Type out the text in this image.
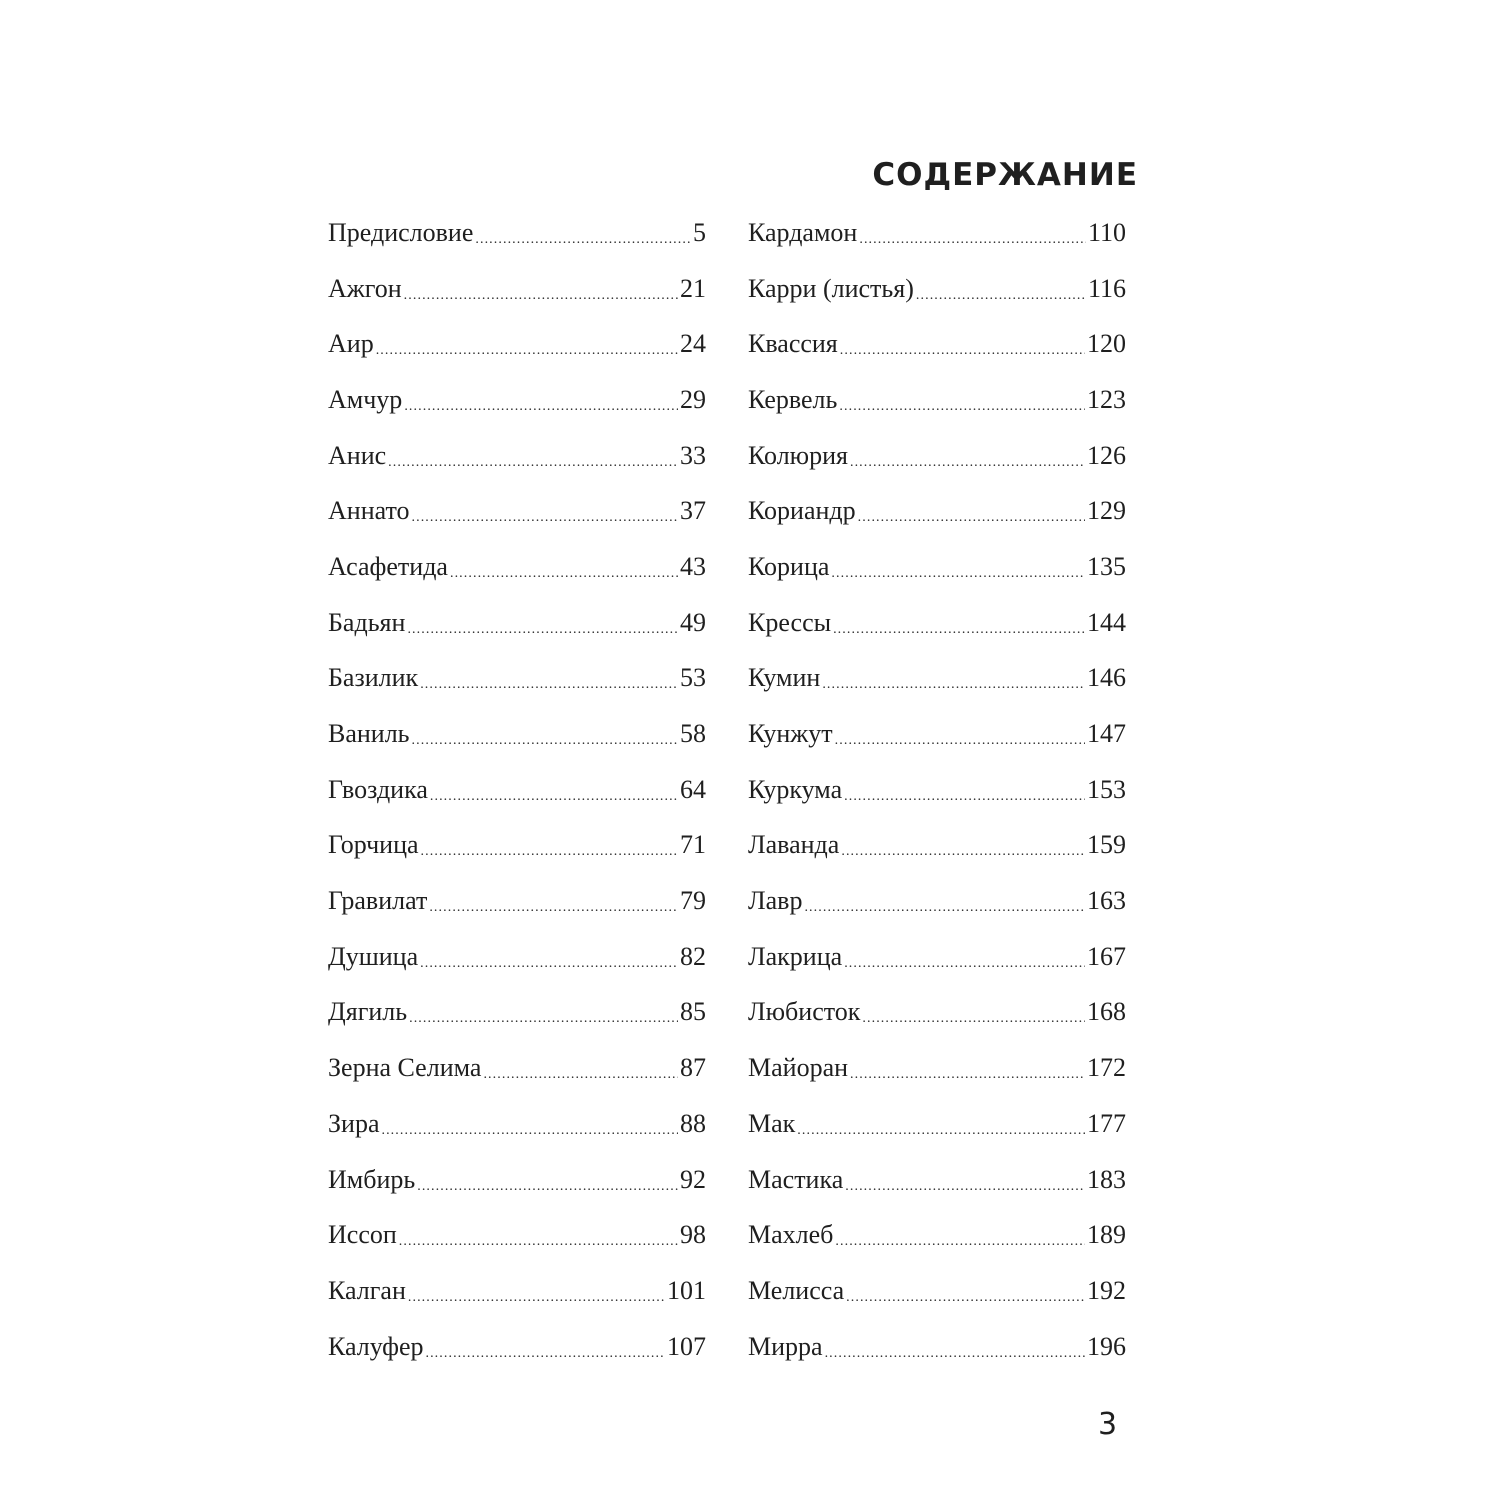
СОДЕРЖАНИЕ
Предисловие . . .	5
Ажгон . . .	21
Аир . . .	24
Амчур . . .	29
Анис . . .	33
Аннато . . .	37
Асафетида . . .	43
Бадьян . . .	49
Базилик . . .	53
Ваниль . . .	58
Гвоздика . . .	64
Горчица . . .	71
Гравилат . . .	79
Душица . . .	82
Дягиль . . .	85
Зерна Селима . . .	87
Зира . . .	88
Имбирь . . .	92
Иссоп . . .	98
Калган . . .	101
Калуфер . . .	107
Кардамон . . .	110
Карри (листья) . . .	116
Квассия . . .	120
Кервель . . .	123
Колюрия . . .	126
Кориандр . . .	129
Корица . . .	135
Крессы . . .	144
Кумин . . .	146
Кунжут . . .	147
Куркума . . .	153
Лаванда . . .	159
Лавр . . .	163
Лакрица . . .	167
Любисток . . .	168
Майоран . . .	172
Мак . . .	177
Мастика . . .	183
Махлеб . . .	189
Мелисса . . .	192
Мирра . . .	196
3
